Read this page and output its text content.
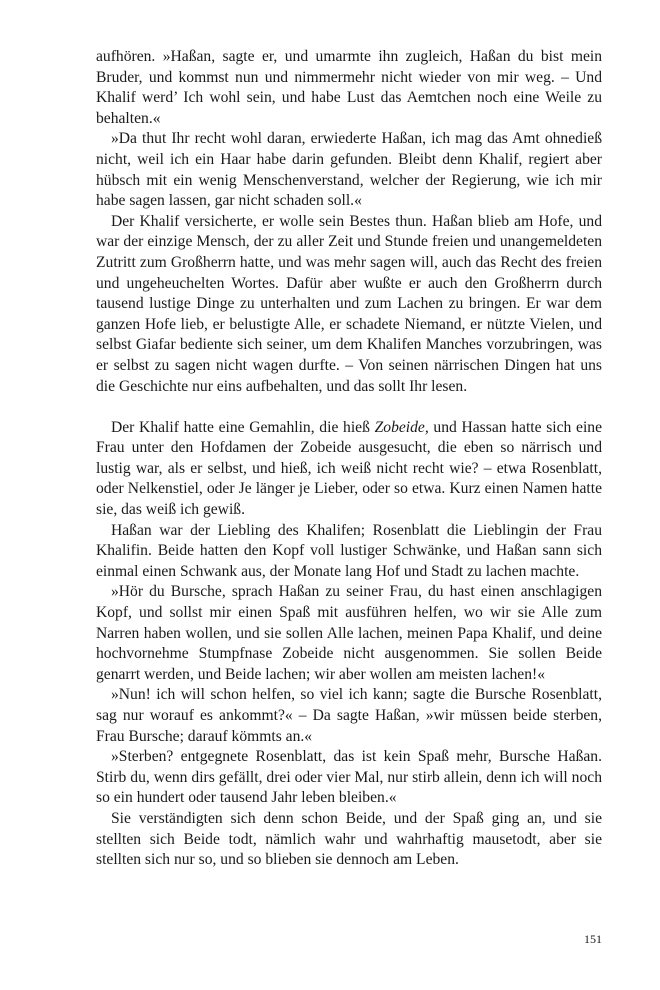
aufhören. »Haßan, sagte er, und umarmte ihn zugleich, Haßan du bist mein Bruder, und kommst nun und nimmermehr nicht wieder von mir weg. – Und Khalif werd’ Ich wohl sein, und habe Lust das Aemtchen noch eine Weile zu behalten.«

»Da thut Ihr recht wohl daran, erwiederte Haßan, ich mag das Amt ohnedieß nicht, weil ich ein Haar habe darin gefunden. Bleibt denn Khalif, regiert aber hübsch mit ein wenig Menschenverstand, welcher der Regierung, wie ich mir habe sagen lassen, gar nicht schaden soll.«

Der Khalif versicherte, er wolle sein Bestes thun. Haßan blieb am Hofe, und war der einzige Mensch, der zu aller Zeit und Stunde freien und unangemeldeten Zutritt zum Großherrn hatte, und was mehr sagen will, auch das Recht des freien und ungeheuchelten Wortes. Dafür aber wußte er auch den Großherrn durch tausend lustige Dinge zu unterhalten und zum Lachen zu bringen. Er war dem ganzen Hofe lieb, er belustigte Alle, er schadete Niemand, er nützte Vielen, und selbst Giafar bediente sich seiner, um dem Khalifen Manches vorzubringen, was er selbst zu sagen nicht wagen durfte. – Von seinen närrischen Dingen hat uns die Geschichte nur eins aufbehalten, und das sollt Ihr lesen.

Der Khalif hatte eine Gemahlin, die hieß Zobeide, und Hassan hatte sich eine Frau unter den Hofdamen der Zobeide ausgesucht, die eben so närrisch und lustig war, als er selbst, und hieß, ich weiß nicht recht wie? – etwa Rosenblatt, oder Nelkenstiel, oder Je länger je Lieber, oder so etwa. Kurz einen Namen hatte sie, das weiß ich gewiß.

Haßan war der Liebling des Khalifen; Rosenblatt die Lieblingin der Frau Khalifin. Beide hatten den Kopf voll lustiger Schwänke, und Haßan sann sich einmal einen Schwank aus, der Monate lang Hof und Stadt zu lachen machte.

»Hör du Bursche, sprach Haßan zu seiner Frau, du hast einen anschlagigen Kopf, und sollst mir einen Spaß mit ausführen helfen, wo wir sie Alle zum Narren haben wollen, und sie sollen Alle lachen, meinen Papa Khalif, und deine hochvornehme Stumpfnase Zobeide nicht ausgenommen. Sie sollen Beide genarrt werden, und Beide lachen; wir aber wollen am meisten lachen!«

»Nun! ich will schon helfen, so viel ich kann; sagte die Bursche Rosenblatt, sag nur worauf es ankommt?« – Da sagte Haßan, »wir müssen beide sterben, Frau Bursche; darauf kömmts an.«

»Sterben? entgegnete Rosenblatt, das ist kein Spaß mehr, Bursche Haßan. Stirb du, wenn dirs gefällt, drei oder vier Mal, nur stirb allein, denn ich will noch so ein hundert oder tausend Jahr leben bleiben.«

Sie verständigten sich denn schon Beide, und der Spaß ging an, und sie stellten sich Beide todt, nämlich wahr und wahrhaftig mausetodt, aber sie stellten sich nur so, und so blieben sie dennoch am Leben.

151
